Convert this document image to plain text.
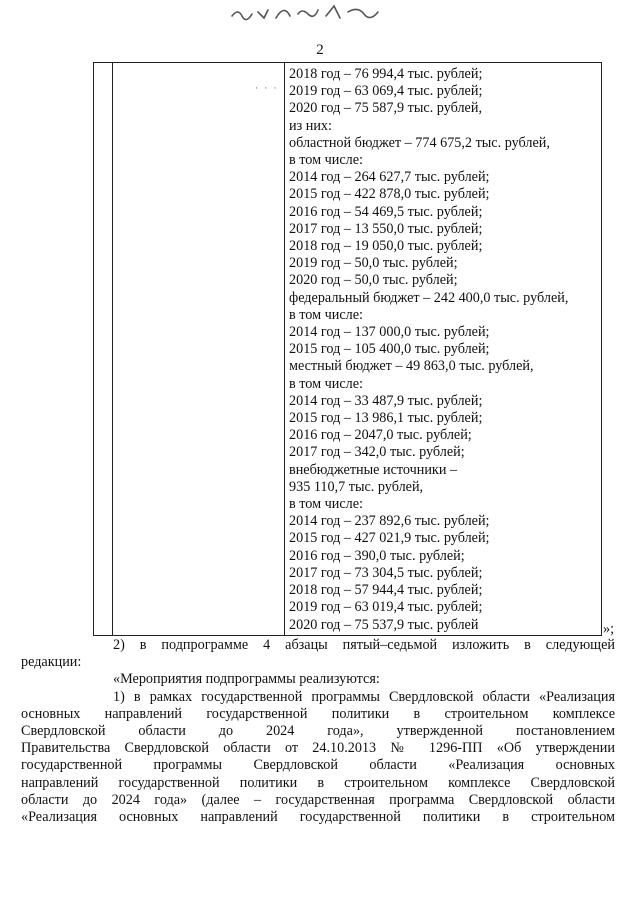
2
· · ·
2018 год – 76 994,4 тыс. рублей;
2019 год – 63 069,4 тыс. рублей;
2020 год – 75 587,9 тыс. рублей,
из них:
областной бюджет – 774 675,2 тыс. рублей,
в том числе:
2014 год – 264 627,7 тыс. рублей;
2015 год – 422 878,0 тыс. рублей;
2016 год – 54 469,5 тыс. рублей;
2017 год – 13 550,0 тыс. рублей;
2018 год – 19 050,0 тыс. рублей;
2019 год – 50,0 тыс. рублей;
2020 год – 50,0 тыс. рублей;
федеральный бюджет – 242 400,0 тыс. рублей,
в том числе:
2014 год – 137 000,0 тыс. рублей;
2015 год – 105 400,0 тыс. рублей;
местный бюджет – 49 863,0 тыс. рублей,
в том числе:
2014 год – 33 487,9 тыс. рублей;
2015 год – 13 986,1 тыс. рублей;
2016 год – 2047,0 тыс. рублей;
2017 год – 342,0 тыс. рублей;
внебюджетные источники –
935 110,7 тыс. рублей,
в том числе:
2014 год – 237 892,6 тыс. рублей;
2015 год – 427 021,9 тыс. рублей;
2016 год – 390,0 тыс. рублей;
2017 год – 73 304,5 тыс. рублей;
2018 год – 57 944,4 тыс. рублей;
2019 год – 63 019,4 тыс. рублей;
2020 год – 75 537,9 тыс. рублей	»;

2) в подпрограмме 4 абзацы пятый–седьмой изложить в следующей

редакции:

«Мероприятия подпрограммы реализуются:

1) в рамках государственной программы Свердловской области «Реализация
основных направлений государственной политики в строительном комплексе
Свердловской области до 2024 года», утвержденной постановлением
Правительства Свердловской области от 24.10.2013 № 1296-ПП «Об утверждении
государственной программы Свердловской области «Реализация основных
направлений государственной политики в строительном комплексе Свердловской
области до 2024 года» (далее – государственная программа Свердловской области
«Реализация основных направлений государственной политики в строительном
